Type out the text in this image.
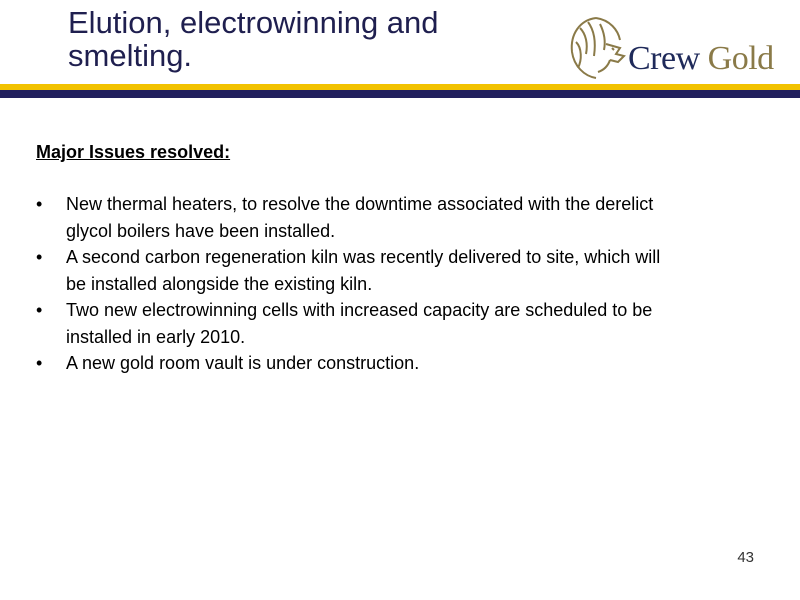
Elution, electrowinning and smelting.	Crew Gold
Major Issues resolved:
• New thermal heaters, to resolve the downtime associated with the derelict glycol boilers have been installed.
• A second carbon regeneration kiln was recently delivered to site, which will be installed alongside the existing kiln.
• Two new electrowinning cells with increased capacity are scheduled to be installed in early 2010.
• A new gold room vault is under construction.
43
